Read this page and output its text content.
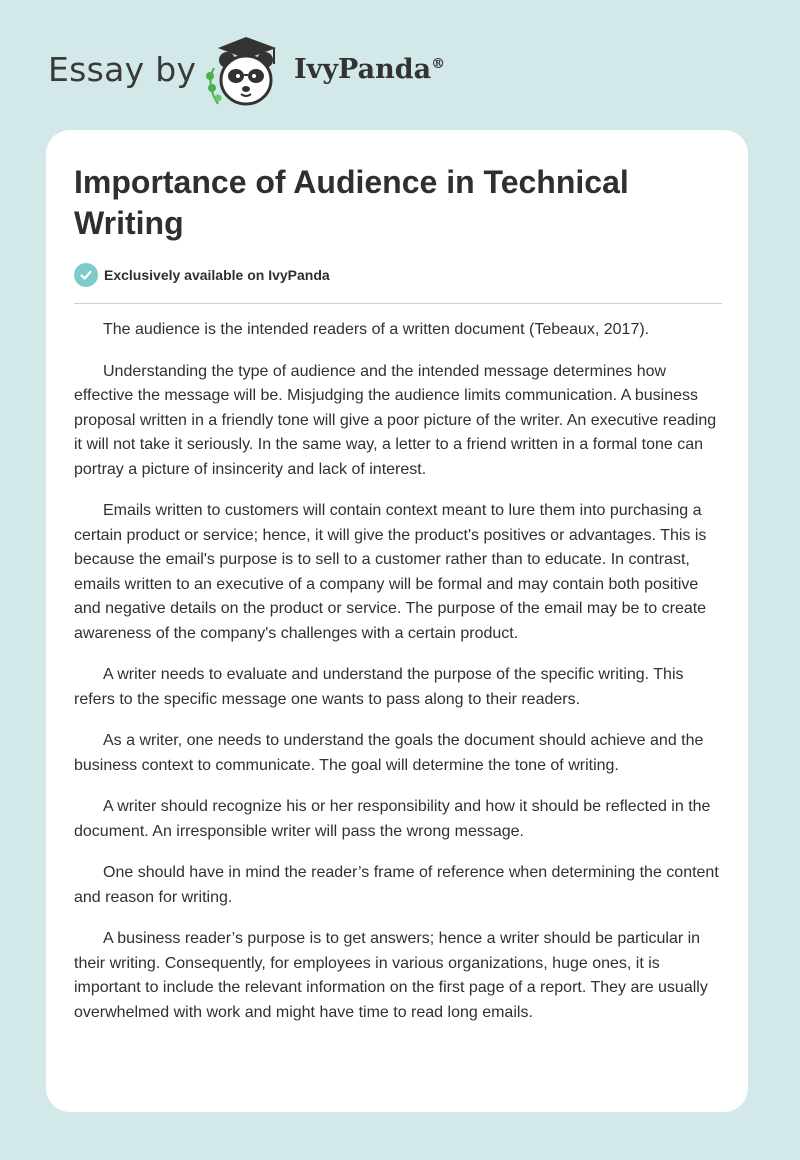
Essay by	IvyPanda®
Importance of Audience in Technical Writing
Exclusively available on IvyPanda

The audience is the intended readers of a written document (Tebeaux, 2017).

Understanding the type of audience and the intended message determines how effective the message will be. Misjudging the audience limits communication. A business proposal written in a friendly tone will give a poor picture of the writer. An executive reading it will not take it seriously. In the same way, a letter to a friend written in a formal tone can portray a picture of insincerity and lack of interest.

Emails written to customers will contain context meant to lure them into purchasing a certain product or service; hence, it will give the product's positives or advantages. This is because the email's purpose is to sell to a customer rather than to educate. In contrast, emails written to an executive of a company will be formal and may contain both positive and negative details on the product or service. The purpose of the email may be to create awareness of the company's challenges with a certain product.

A writer needs to evaluate and understand the purpose of the specific writing. This refers to the specific message one wants to pass along to their readers.

As a writer, one needs to understand the goals the document should achieve and the business context to communicate. The goal will determine the tone of writing.

A writer should recognize his or her responsibility and how it should be reflected in the document. An irresponsible writer will pass the wrong message.

One should have in mind the reader’s frame of reference when determining the content and reason for writing.

A business reader’s purpose is to get answers; hence a writer should be particular in their writing. Consequently, for employees in various organizations, huge ones, it is important to include the relevant information on the first page of a report. They are usually overwhelmed with work and might have time to read long emails.
